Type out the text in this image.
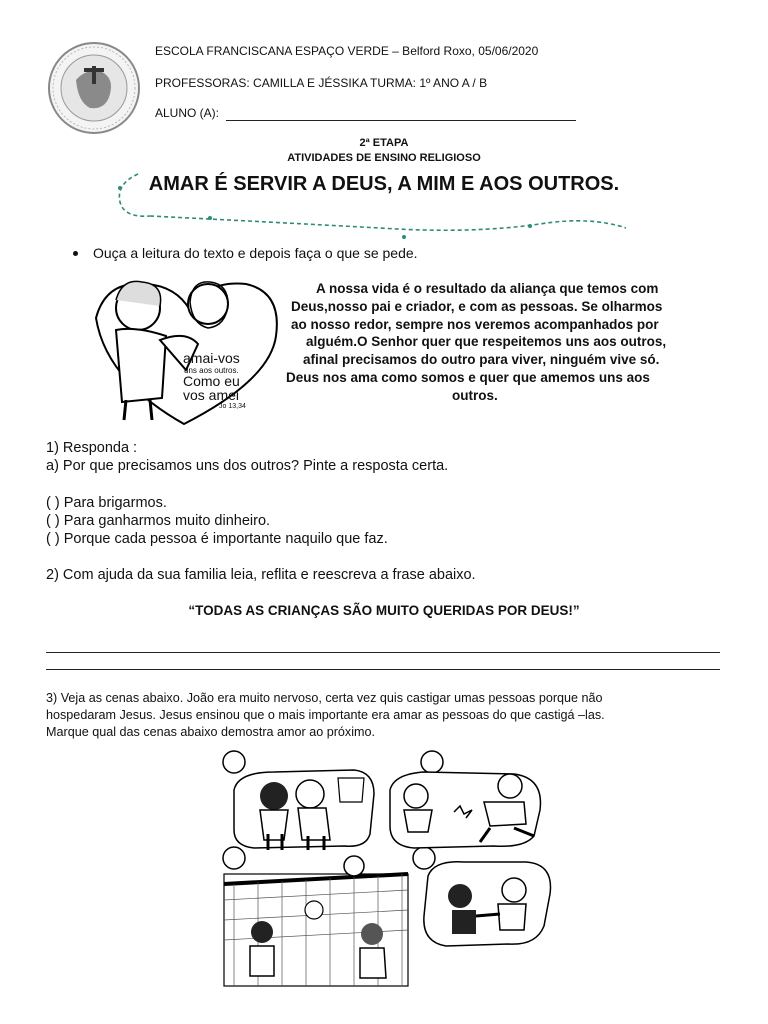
ESCOLA FRANCISCANA ESPAÇO VERDE – Belford Roxo, 05/06/2020
PROFESSORAS: CAMILLA E JÉSSIKA TURMA: 1º ANO A / B
ALUNO (A):
2ª ETAPA
ATIVIDADES DE ENSINO RELIGIOSO
AMAR É SERVIR A DEUS, A MIM E AOS OUTROS.
Ouça a leitura do texto e depois faça o que se pede.
amai-vos
uns aos outros.
Como eu
vos amei
Jo 13,34
A nossa vida é o resultado da aliança que temos com
Deus,nosso pai e criador, e com as pessoas. Se olharmos
ao nosso redor, sempre nos veremos acompanhados por
alguém.O Senhor quer que respeitemos uns aos outros,
afinal precisamos do outro para viver, ninguém vive só.
Deus nos ama como somos e quer que amemos uns aos
outros.
1) Responda :
a) Por que precisamos uns dos outros? Pinte a resposta certa.
( ) Para brigarmos.
( ) Para ganharmos muito dinheiro.
( ) Porque cada pessoa é importante naquilo que faz.
2) Com ajuda da sua familia leia, reflita e reescreva a frase abaixo.
“TODAS AS CRIANÇAS SÃO MUITO QUERIDAS POR DEUS!”
3) Veja as cenas abaixo. João era muito nervoso, certa vez quis castigar umas pessoas porque não
hospedaram Jesus. Jesus ensinou que o mais importante era amar as pessoas do que castigá –las.
Marque qual das cenas abaixo demostra amor ao próximo.
